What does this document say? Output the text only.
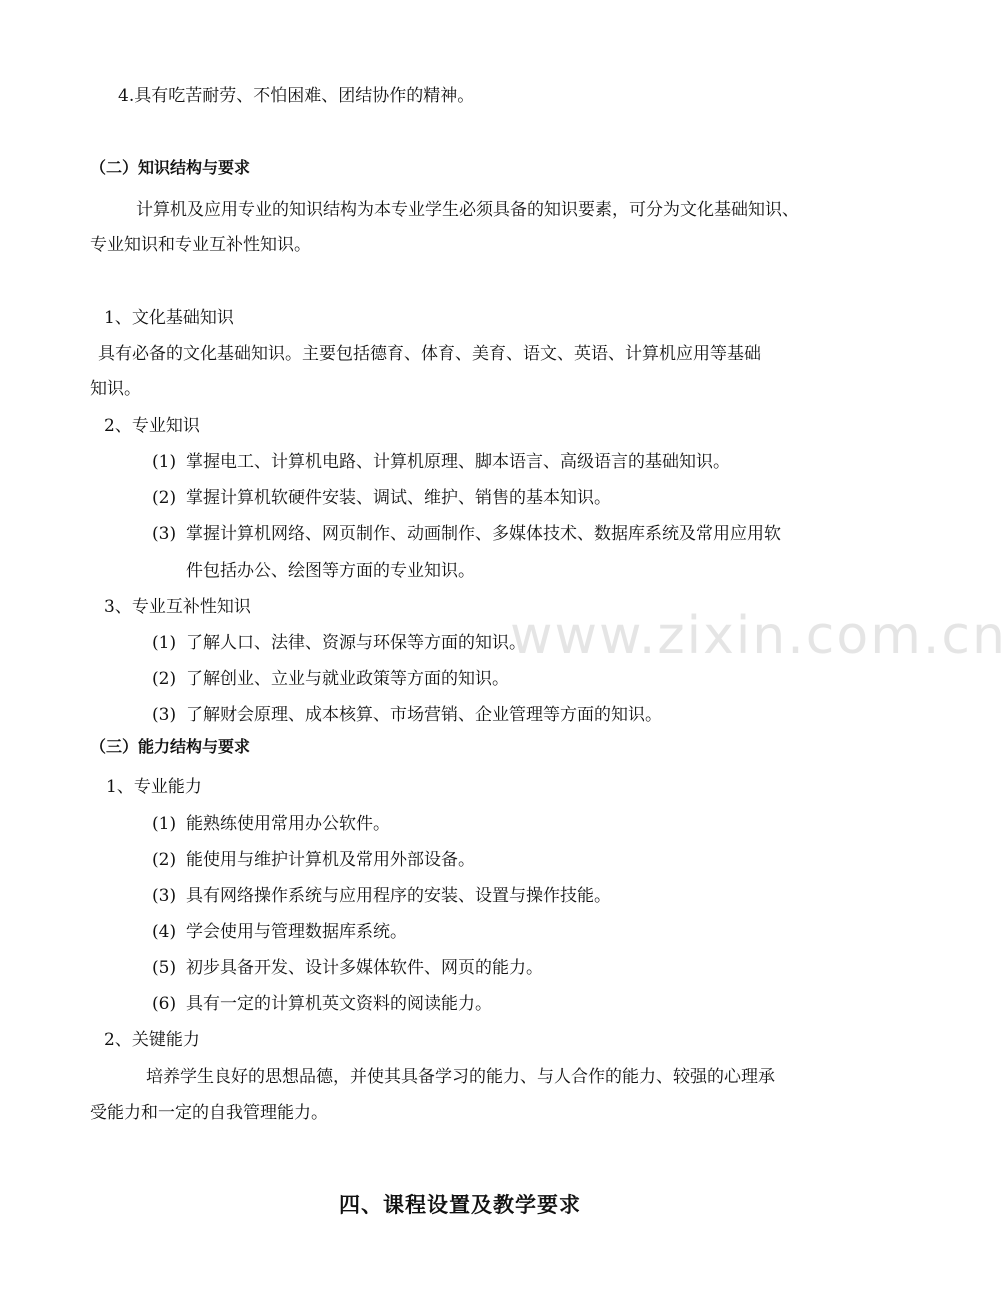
4.具有吃苦耐劳、不怕困难、团结协作的精神。
（二）知识结构与要求
计算机及应用专业的知识结构为本专业学生必须具备的知识要素，可分为文化基础知识、
专业知识和专业互补性知识。
1、文化基础知识
具有必备的文化基础知识。主要包括德育、体育、美育、语文、英语、计算机应用等基础
知识。
2、专业知识
(1) 掌握电工、计算机电路、计算机原理、脚本语言、高级语言的基础知识。
(2) 掌握计算机软硬件安装、调试、维护、销售的基本知识。
(3) 掌握计算机网络、网页制作、动画制作、多媒体技术、数据库系统及常用应用软
件包括办公、绘图等方面的专业知识。
3、专业互补性知识
(1) 了解人口、法律、资源与环保等方面的知识。
(2) 了解创业、立业与就业政策等方面的知识。
(3) 了解财会原理、成本核算、市场营销、企业管理等方面的知识。
（三）能力结构与要求
1、专业能力
(1) 能熟练使用常用办公软件。
(2) 能使用与维护计算机及常用外部设备。
(3) 具有网络操作系统与应用程序的安装、设置与操作技能。
(4) 学会使用与管理数据库系统。
(5) 初步具备开发、设计多媒体软件、网页的能力。
(6) 具有一定的计算机英文资料的阅读能力。
2、关键能力
培养学生良好的思想品德，并使其具备学习的能力、与人合作的能力、较强的心理承
受能力和一定的自我管理能力。
四、课程设置及教学要求
www.zixin.com.cn
